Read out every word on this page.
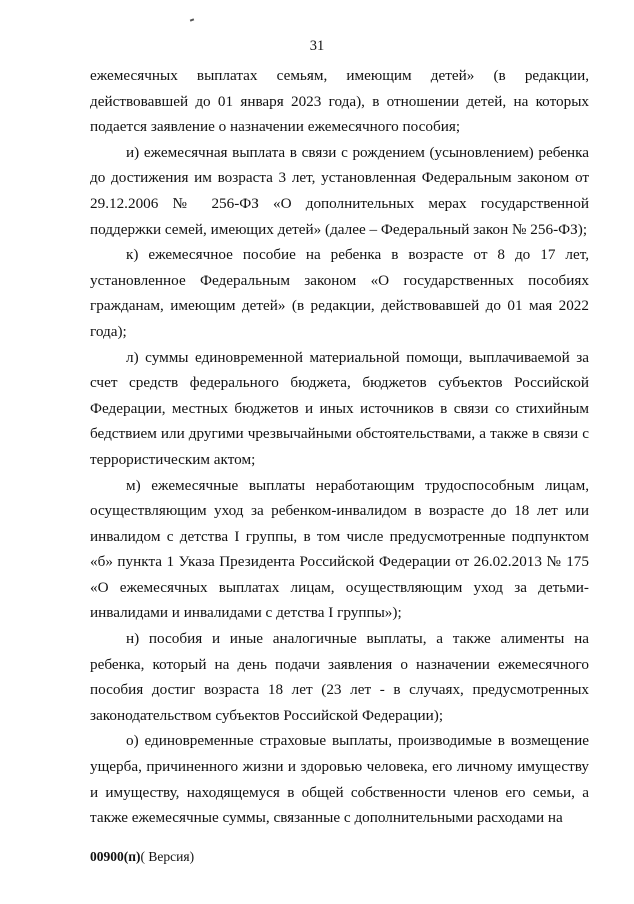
31

ежемесячных выплатах семьям, имеющим детей» (в редакции, действовавшей до 01 января 2023 года), в отношении детей, на которых подается заявление о назначении ежемесячного пособия;

и) ежемесячная выплата в связи с рождением (усыновлением) ребенка до достижения им возраста 3 лет, установленная Федеральным законом от 29.12.2006 № 256-ФЗ «О дополнительных мерах государственной поддержки семей, имеющих детей» (далее – Федеральный закон № 256-ФЗ);

к) ежемесячное пособие на ребенка в возрасте от 8 до 17 лет, установленное Федеральным законом «О государственных пособиях гражданам, имеющим детей» (в редакции, действовавшей до 01 мая 2022 года);

л) суммы единовременной материальной помощи, выплачиваемой за счет средств федерального бюджета, бюджетов субъектов Российской Федерации, местных бюджетов и иных источников в связи со стихийным бедствием или другими чрезвычайными обстоятельствами, а также в связи с террористическим актом;

м) ежемесячные выплаты неработающим трудоспособным лицам, осуществляющим уход за ребенком-инвалидом в возрасте до 18 лет или инвалидом с детства I группы, в том числе предусмотренные подпунктом «б» пункта 1 Указа Президента Российской Федерации от 26.02.2013 № 175 «О ежемесячных выплатах лицам, осуществляющим уход за детьми-инвалидами и инвалидами с детства I группы»);

н) пособия и иные аналогичные выплаты, а также алименты на ребенка, который на день подачи заявления о назначении ежемесячного пособия достиг возраста 18 лет (23 лет - в случаях, предусмотренных законодательством субъектов Российской Федерации);

о) единовременные страховые выплаты, производимые в возмещение ущерба, причиненного жизни и здоровью человека, его личному имуществу и имуществу, находящемуся в общей собственности членов его семьи, а также ежемесячные суммы, связанные с дополнительными расходами на

00900(п)( Версия)
